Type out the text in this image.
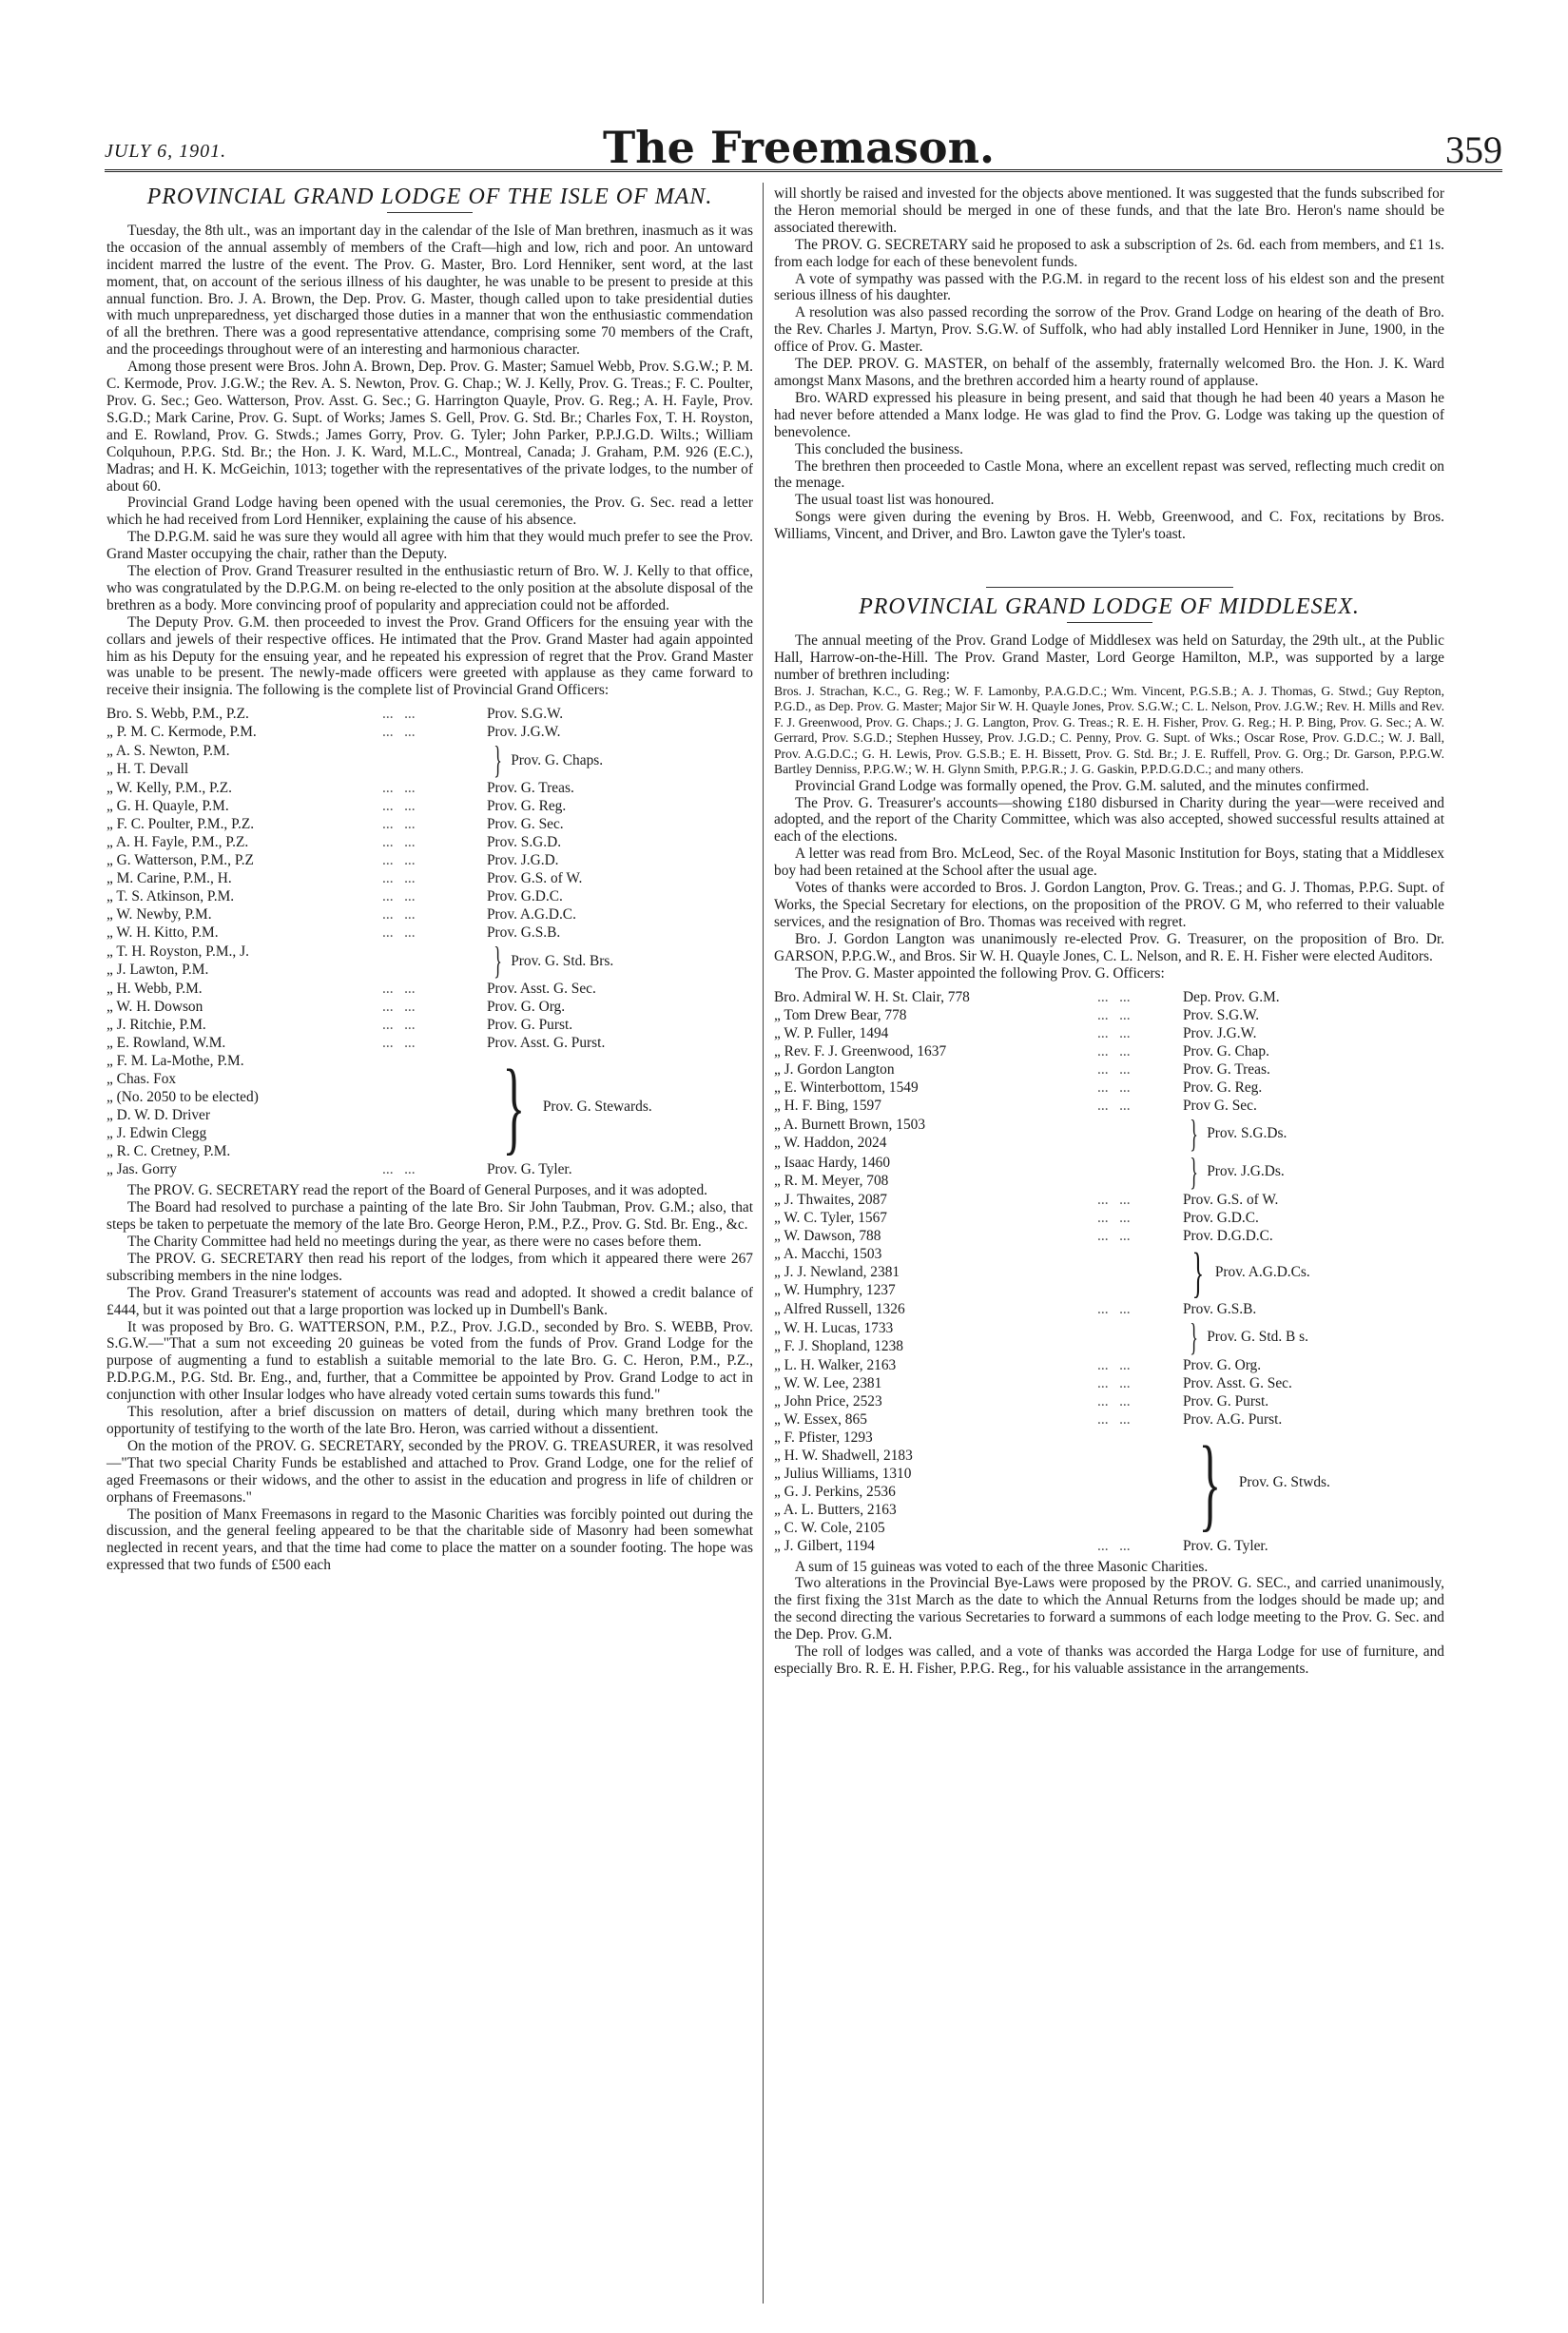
JULY 6, 1901.	The Freemason.	359
PROVINCIAL GRAND LODGE OF THE ISLE OF MAN.

Tuesday, the 8th ult., was an important day in the calendar of the Isle of Man brethren, inasmuch as it was the occasion of the annual assembly of members of the Craft—high and low, rich and poor. An untoward incident marred the lustre of the event. The Prov. G. Master, Bro. Lord Henniker, sent word, at the last moment, that, on account of the serious illness of his daughter, he was unable to be present to preside at this annual function. Bro. J. A. Brown, the Dep. Prov. G. Master, though called upon to take presidential duties with much unpreparedness, yet discharged those duties in a manner that won the enthusiastic commendation of all the brethren. There was a good representative attendance, comprising some 70 members of the Craft, and the proceedings throughout were of an interesting and harmonious character.

Among those present were Bros. John A. Brown, Dep. Prov. G. Master; Samuel Webb, Prov. S.G.W.; P. M. C. Kermode, Prov. J.G.W.; the Rev. A. S. Newton, Prov. G. Chap.; W. J. Kelly, Prov. G. Treas.; F. C. Poulter, Prov. G. Sec.; Geo. Watterson, Prov. Asst. G. Sec.; G. Harrington Quayle, Prov. G. Reg.; A. H. Fayle, Prov. S.G.D.; Mark Carine, Prov. G. Supt. of Works; James S. Gell, Prov. G. Std. Br.; Charles Fox, T. H. Royston, and E. Rowland, Prov. G. Stwds.; James Gorry, Prov. G. Tyler; John Parker, P.P.J.G.D. Wilts.; William Colquhoun, P.P.G. Std. Br.; the Hon. J. K. Ward, M.L.C., Montreal, Canada; J. Graham, P.M. 926 (E.C.), Madras; and H. K. McGeichin, 1013; together with the representatives of the private lodges, to the number of about 60.

Provincial Grand Lodge having been opened with the usual ceremonies, the Prov. G. Sec. read a letter which he had received from Lord Henniker, explaining the cause of his absence.

The D.P.G.M. said he was sure they would all agree with him that they would much prefer to see the Prov. Grand Master occupying the chair, rather than the Deputy.

The election of Prov. Grand Treasurer resulted in the enthusiastic return of Bro. W. J. Kelly to that office, who was congratulated by the D.P.G.M. on being re-elected to the only position at the absolute disposal of the brethren as a body. More convincing proof of popularity and appreciation could not be afforded.

The Deputy Prov. G.M. then proceeded to invest the Prov. Grand Officers for the ensuing year with the collars and jewels of their respective offices. He intimated that the Prov. Grand Master had again appointed him as his Deputy for the ensuing year, and he repeated his expression of regret that the Prov. Grand Master was unable to be present. The newly-made officers were greeted with applause as they came forward to receive their insignia. The following is the complete list of Provincial Grand Officers:

Bro. S. Webb, P.M., P.Z.	...   ...	Prov. S.G.W.
„ P. M. C. Kermode, P.M.	...   ...	Prov. J.G.W.
„ A. S. Newton, P.M.
„ H. T. Devall	} Prov. G. Chaps.
„ W. Kelly, P.M., P.Z.	...   ...	Prov. G. Treas.
„ G. H. Quayle, P.M.	...   ...	Prov. G. Reg.
„ F. C. Poulter, P.M., P.Z.	...   ...	Prov. G. Sec.
„ A. H. Fayle, P.M., P.Z.	...   ...	Prov. S.G.D.
„ G. Watterson, P.M., P.Z	...   ...	Prov. J.G.D.
„ M. Carine, P.M., H.	...   ...	Prov. G.S. of W.
„ T. S. Atkinson, P.M.	...   ...	Prov. G.D.C.
„ W. Newby, P.M.	...   ...	Prov. A.G.D.C.
„ W. H. Kitto, P.M.	...   ...	Prov. G.S.B.
„ T. H. Royston, P.M., J.
„ J. Lawton, P.M.	} Prov. G. Std. Brs.
„ H. Webb, P.M.	...   ...	Prov. Asst. G. Sec.
„ W. H. Dowson	...   ...	Prov. G. Org.
„ J. Ritchie, P.M.	...   ...	Prov. G. Purst.
„ E. Rowland, W.M.	...   ...	Prov. Asst. G. Purst.
„ F. M. La-Mothe, P.M.
„ Chas. Fox
„ (No. 2050 to be elected)
„ D. W. D. Driver
„ J. Edwin Clegg
„ R. C. Cretney, P.M.	} Prov. G. Stewards.
„ Jas. Gorry	...   ...	Prov. G. Tyler.

The PROV. G. SECRETARY read the report of the Board of General Purposes, and it was adopted.

The Board had resolved to purchase a painting of the late Bro. Sir John Taubman, Prov. G.M.; also, that steps be taken to perpetuate the memory of the late Bro. George Heron, P.M., P.Z., Prov. G. Std. Br. Eng., &c.

The Charity Committee had held no meetings during the year, as there were no cases before them.

The PROV. G. SECRETARY then read his report of the lodges, from which it appeared there were 267 subscribing members in the nine lodges.

The Prov. Grand Treasurer's statement of accounts was read and adopted. It showed a credit balance of £444, but it was pointed out that a large proportion was locked up in Dumbell's Bank.

It was proposed by Bro. G. WATTERSON, P.M., P.Z., Prov. J.G.D., seconded by Bro. S. WEBB, Prov. S.G.W.—"That a sum not exceeding 20 guineas be voted from the funds of Prov. Grand Lodge for the purpose of augmenting a fund to establish a suitable memorial to the late Bro. G. C. Heron, P.M., P.Z., P.D.P.G.M., P.G. Std. Br. Eng., and, further, that a Committee be appointed by Prov. Grand Lodge to act in conjunction with other Insular lodges who have already voted certain sums towards this fund."

This resolution, after a brief discussion on matters of detail, during which many brethren took the opportunity of testifying to the worth of the late Bro. Heron, was carried without a dissentient.

On the motion of the PROV. G. SECRETARY, seconded by the PROV. G. TREASURER, it was resolved—"That two special Charity Funds be established and attached to Prov. Grand Lodge, one for the relief of aged Freemasons or their widows, and the other to assist in the education and progress in life of children or orphans of Freemasons."

The position of Manx Freemasons in regard to the Masonic Charities was forcibly pointed out during the discussion, and the general feeling appeared to be that the charitable side of Masonry had been somewhat neglected in recent years, and that the time had come to place the matter on a sounder footing. The hope was expressed that two funds of £500 each

will shortly be raised and invested for the objects above mentioned. It was suggested that the funds subscribed for the Heron memorial should be merged in one of these funds, and that the late Bro. Heron's name should be associated therewith.

The PROV. G. SECRETARY said he proposed to ask a subscription of 2s. 6d. each from members, and £1 1s. from each lodge for each of these benevolent funds.

A vote of sympathy was passed with the P.G.M. in regard to the recent loss of his eldest son and the present serious illness of his daughter.

A resolution was also passed recording the sorrow of the Prov. Grand Lodge on hearing of the death of Bro. the Rev. Charles J. Martyn, Prov. S.G.W. of Suffolk, who had ably installed Lord Henniker in June, 1900, in the office of Prov. G. Master.

The DEP. PROV. G. MASTER, on behalf of the assembly, fraternally welcomed Bro. the Hon. J. K. Ward amongst Manx Masons, and the brethren accorded him a hearty round of applause.

Bro. WARD expressed his pleasure in being present, and said that though he had been 40 years a Mason he had never before attended a Manx lodge. He was glad to find the Prov. G. Lodge was taking up the question of benevolence.

This concluded the business.

The brethren then proceeded to Castle Mona, where an excellent repast was served, reflecting much credit on the menage.

The usual toast list was honoured.

Songs were given during the evening by Bros. H. Webb, Greenwood, and C. Fox, recitations by Bros. Williams, Vincent, and Driver, and Bro. Lawton gave the Tyler's toast.

PROVINCIAL GRAND LODGE OF MIDDLESEX.

The annual meeting of the Prov. Grand Lodge of Middlesex was held on Saturday, the 29th ult., at the Public Hall, Harrow-on-the-Hill. The Prov. Grand Master, Lord George Hamilton, M.P., was supported by a large number of brethren including:

Bros. J. Strachan, K.C., G. Reg.; W. F. Lamonby, P.A.G.D.C.; Wm. Vincent, P.G.S.B.; A. J. Thomas, G. Stwd.; Guy Repton, P.G.D., as Dep. Prov. G. Master; Major Sir W. H. Quayle Jones, Prov. S.G.W.; C. L. Nelson, Prov. J.G.W.; Rev. H. Mills and Rev. F. J. Greenwood, Prov. G. Chaps.; J. G. Langton, Prov. G. Treas.; R. E. H. Fisher, Prov. G. Reg.; H. P. Bing, Prov. G. Sec.; A. W. Gerrard, Prov. S.G.D.; Stephen Hussey, Prov. J.G.D.; C. Penny, Prov. G. Supt. of Wks.; Oscar Rose, Prov. G.D.C.; W. J. Ball, Prov. A.G.D.C.; G. H. Lewis, Prov. G.S.B.; E. H. Bissett, Prov. G. Std. Br.; J. E. Ruffell, Prov. G. Org.; Dr. Garson, P.P.G.W. Bartley Denniss, P.P.G.W.; W. H. Glynn Smith, P.P.G.R.; J. G. Gaskin, P.P.D.G.D.C.; and many others.

Provincial Grand Lodge was formally opened, the Prov. G.M. saluted, and the minutes confirmed.

The Prov. G. Treasurer's accounts—showing £180 disbursed in Charity during the year—were received and adopted, and the report of the Charity Committee, which was also accepted, showed successful results attained at each of the elections.

A letter was read from Bro. McLeod, Sec. of the Royal Masonic Institution for Boys, stating that a Middlesex boy had been retained at the School after the usual age.

Votes of thanks were accorded to Bros. J. Gordon Langton, Prov. G. Treas.; and G. J. Thomas, P.P.G. Supt. of Works, the Special Secretary for elections, on the proposition of the PROV. G M, who referred to their valuable services, and the resignation of Bro. Thomas was received with regret.

Bro. J. Gordon Langton was unanimously re-elected Prov. G. Treasurer, on the proposition of Bro. Dr. GARSON, P.P.G.W., and Bros. Sir W. H. Quayle Jones, C. L. Nelson, and R. E. H. Fisher were elected Auditors.

The Prov. G. Master appointed the following Prov. G. Officers:

Bro. Admiral W. H. St. Clair, 778	...   ...	Dep. Prov. G.M.
„ Tom Drew Bear, 778	...   ...	Prov. S.G.W.
„ W. P. Fuller, 1494	...   ...	Prov. J.G.W.
„ Rev. F. J. Greenwood, 1637	...   ...	Prov. G. Chap.
„ J. Gordon Langton	...   ...	Prov. G. Treas.
„ E. Winterbottom, 1549	...   ...	Prov. G. Reg.
„ H. F. Bing, 1597	...   ...	Prov G. Sec.
„ A. Burnett Brown, 1503
„ W. Haddon, 2024	} Prov. S.G.Ds.
„ Isaac Hardy, 1460
„ R. M. Meyer, 708	} Prov. J.G.Ds.
„ J. Thwaites, 2087	...   ...	Prov. G.S. of W.
„ W. C. Tyler, 1567	...   ...	Prov. G.D.C.
„ W. Dawson, 788	...   ...	Prov. D.G.D.C.
„ A. Macchi, 1503
„ J. J. Newland, 2381
„ W. Humphry, 1237	} Prov. A.G.D.Cs.
„ Alfred Russell, 1326	...   ...	Prov. G.S.B.
„ W. H. Lucas, 1733
„ F. J. Shopland, 1238	} Prov. G. Std. B s.
„ L. H. Walker, 2163	...   ...	Prov. G. Org.
„ W. W. Lee, 2381	...   ...	Prov. Asst. G. Sec.
„ John Price, 2523	...   ...	Prov. G. Purst.
„ W. Essex, 865	...   ...	Prov. A.G. Purst.
„ F. Pfister, 1293
„ H. W. Shadwell, 2183
„ Julius Williams, 1310
„ G. J. Perkins, 2536
„ A. L. Butters, 2163
„ C. W. Cole, 2105	} Prov. G. Stwds.
„ J. Gilbert, 1194	...   ...	Prov. G. Tyler.

A sum of 15 guineas was voted to each of the three Masonic Charities.

Two alterations in the Provincial Bye-Laws were proposed by the PROV. G. SEC., and carried unanimously, the first fixing the 31st March as the date to which the Annual Returns from the lodges should be made up; and the second directing the various Secretaries to forward a summons of each lodge meeting to the Prov. G. Sec. and the Dep. Prov. G.M.

The roll of lodges was called, and a vote of thanks was accorded the Harga Lodge for use of furniture, and especially Bro. R. E. H. Fisher, P.P.G. Reg., for his valuable assistance in the arrangements.
